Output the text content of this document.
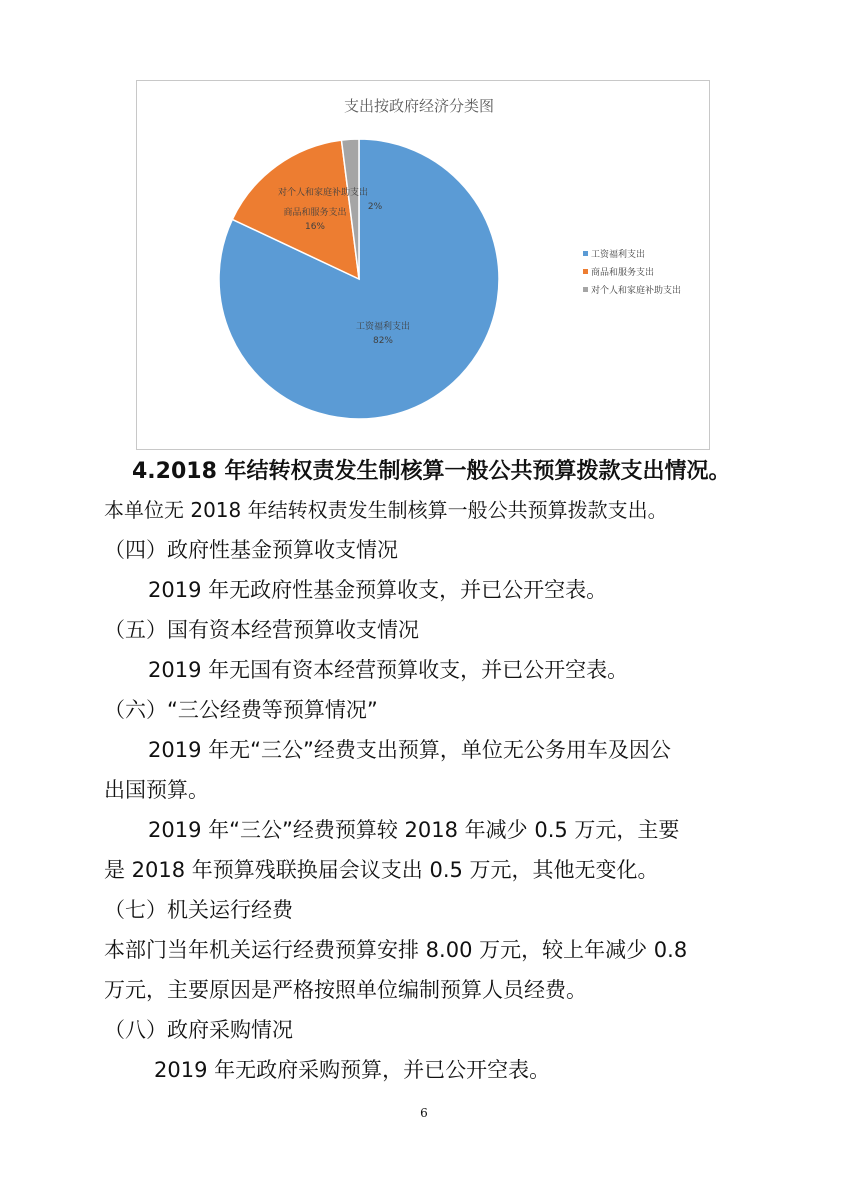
支出按政府经济分类图
工资福利支出
82%
商品和服务支出
16%
对个人和家庭补助支出
2%
工资福利支出
商品和服务支出
对个人和家庭补助支出
4.2018 年结转权责发生制核算一般公共预算拨款支出情况。
本单位无 2018 年结转权责发生制核算一般公共预算拨款支出。
（四）政府性基金预算收支情况
2019 年无政府性基金预算收支，并已公开空表。
（五）国有资本经营预算收支情况
2019 年无国有资本经营预算收支，并已公开空表。
（六）“三公经费等预算情况”
2019 年无“三公”经费支出预算，单位无公务用车及因公
出国预算。
2019 年“三公”经费预算较 2018 年减少 0.5 万元，主要
是 2018 年预算残联换届会议支出 0.5 万元，其他无变化。
（七）机关运行经费
本部门当年机关运行经费预算安排 8.00 万元，较上年减少 0.8
万元，主要原因是严格按照单位编制预算人员经费。
（八）政府采购情况
2019 年无政府采购预算，并已公开空表。
6
